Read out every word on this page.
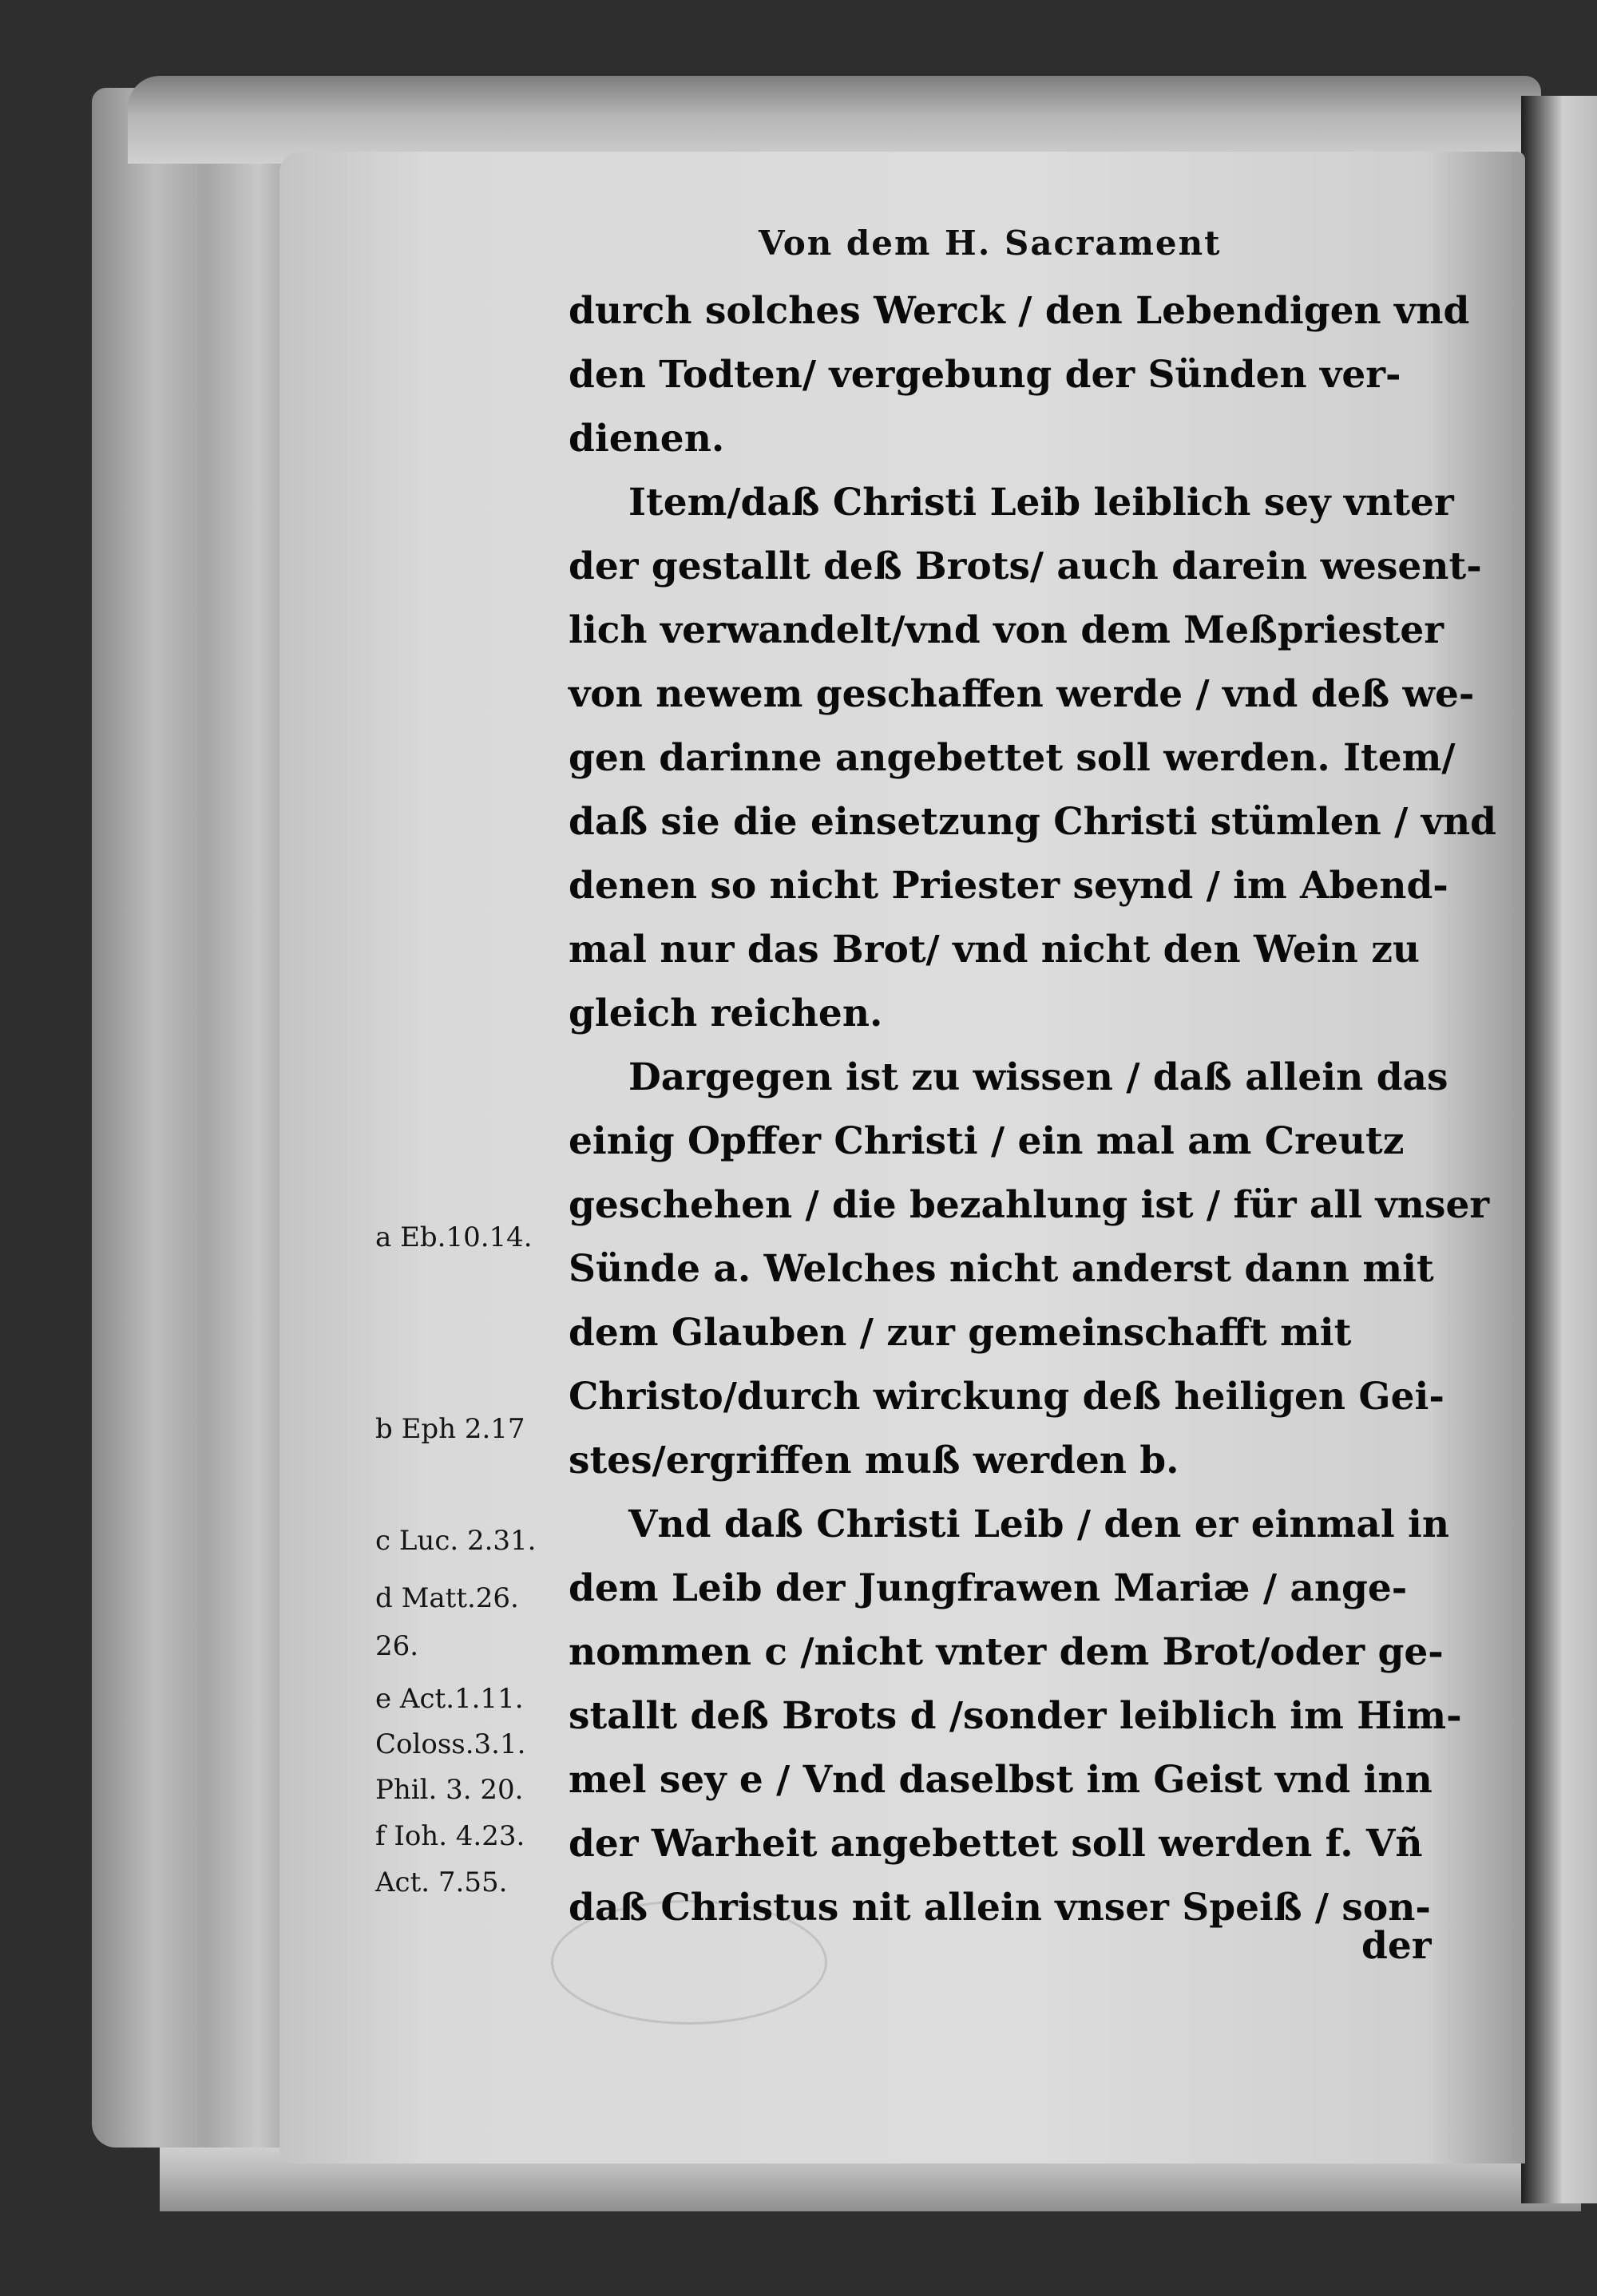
Von dem H. Sacrament
durch solches Werck / den Lebendigen vnd
den Todten/ vergebung der Sünden ver-
dienen.
Item/daß Christi Leib leiblich sey vnter
der gestallt deß Brots/ auch darein wesent-
lich verwandelt/vnd von dem Meßpriester
von newem geschaffen werde / vnd deß we-
gen darinne angebettet soll werden. Item/
daß sie die einsetzung Christi stümlen / vnd
denen so nicht Priester seynd / im Abend-
mal nur das Brot/ vnd nicht den Wein zu
gleich reichen.
Dargegen ist zu wissen / daß allein das
einig Opffer Christi / ein mal am Creutz
geschehen / die bezahlung ist / für all vnser
Sünde a. Welches nicht anderst dann mit
dem Glauben / zur gemeinschafft mit
Christo/durch wirckung deß heiligen Gei-
stes/ergriffen muß werden b.
Vnd daß Christi Leib / den er einmal in
dem Leib der Jungfrawen Mariæ / ange-
nommen c /nicht vnter dem Brot/oder ge-
stallt deß Brots d /sonder leiblich im Him-
mel sey e / Vnd daselbst im Geist vnd inn
der Warheit angebettet soll werden f. Vñ
daß Christus nit allein vnser Speiß / son-
a Eb.10.14.
b Eph 2.17
c Luc. 2.31.
d Matt.26.
26.
e Act.1.11.
Coloss.3.1.
Phil. 3. 20.
f Ioh. 4.23.
Act. 7.55.
der
